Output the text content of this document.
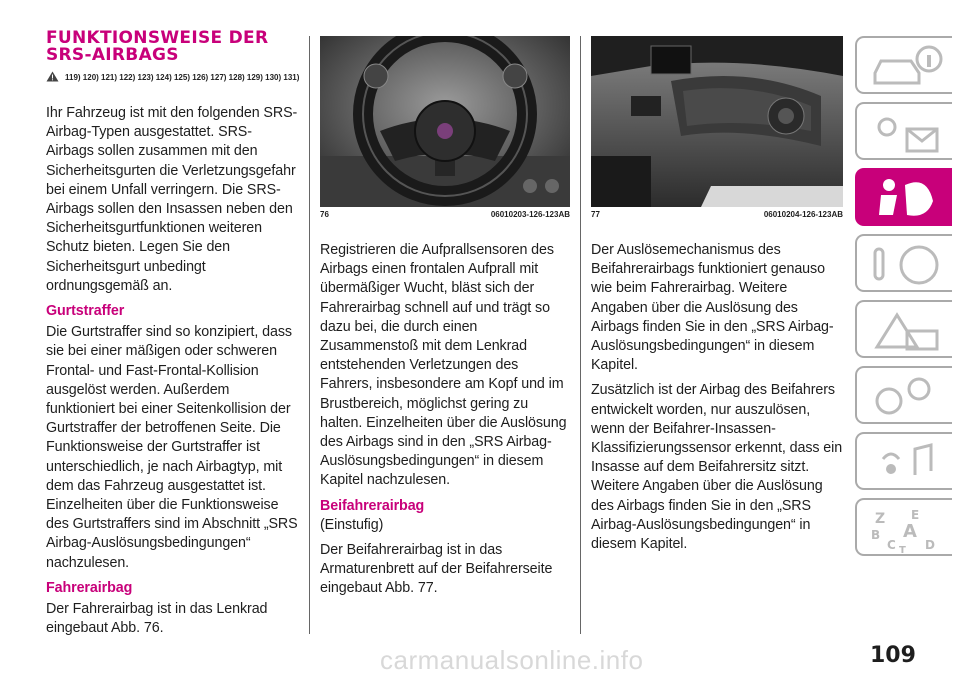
FUNKTIONSWEISE DER
SRS-AIRBAGS
119) 120) 121) 122) 123) 124) 125) 126) 127) 128) 129) 130) 131)

Ihr Fahrzeug ist mit den folgenden SRS-Airbag-Typen ausgestattet. SRS-Airbags sollen zusammen mit den Sicherheitsgurten die Verletzungsgefahr bei einem Unfall verringern. Die SRS-Airbags sollen den Insassen neben den Sicherheitsgurtfunktionen weiteren Schutz bieten. Legen Sie den Sicherheitsgurt unbedingt ordnungsgemäß an.

Gurtstraffer

Die Gurtstraffer sind so konzipiert, dass sie bei einer mäßigen oder schweren Frontal- und Fast-Frontal-Kollision ausgelöst werden. Außerdem funktioniert bei einer Seitenkollision der Gurtstraffer der betroffenen Seite. Die Funktionsweise der Gurtstraffer ist unterschiedlich, je nach Airbagtyp, mit dem das Fahrzeug ausgestattet ist. Einzelheiten über die Funktionsweise des Gurtstraffers sind im Abschnitt „SRS Airbag-Auslösungsbedingungen“ nachzulesen.

Fahrerairbag

Der Fahrerairbag ist in das Lenkrad eingebaut Abb. 76.

76	06010203-126-123AB	77	06010204-126-123AB

Registrieren die Aufprallsensoren des Airbags einen frontalen Aufprall mit übermäßiger Wucht, bläst sich der Fahrerairbag schnell auf und trägt so dazu bei, die durch einen Zusammenstoß mit dem Lenkrad entstehenden Verletzungen des Fahrers, insbesondere am Kopf und im Brustbereich, möglichst gering zu halten. Einzelheiten über die Auslösung des Airbags sind in den „SRS Airbag-Auslösungsbedingungen“ in diesem Kapitel nachzulesen.

Beifahrerairbag
(Einstufig)

Der Beifahrerairbag ist in das Armaturenbrett auf der Beifahrerseite eingebaut Abb. 77.

Der Auslösemechanismus des Beifahrerairbags funktioniert genauso wie beim Fahrerairbag. Weitere Angaben über die Auslösung des Airbags finden Sie in den „SRS Airbag-Auslösungsbedingungen“ in diesem Kapitel.

Zusätzlich ist der Airbag des Beifahrers entwickelt worden, nur auszulösen, wenn der Beifahrer-Insassen-Klassifizierungssensor erkennt, dass ein Insasse auf dem Beifahrersitz sitzt. Weitere Angaben über die Auslösung des Airbags finden Sie in den „SRS Airbag-Auslösungsbedingungen“ in diesem Kapitel.

Z E
B A
C D
T
carmanualsonline.info	109
